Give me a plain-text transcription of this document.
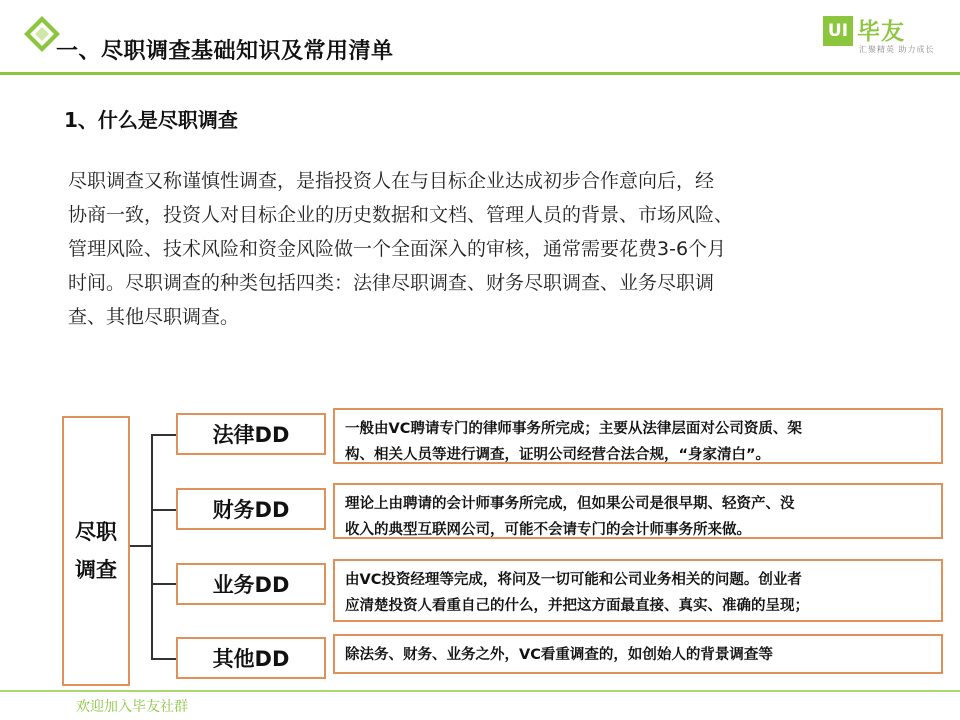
一、尽职调查基础知识及常用清单
UI 毕友
汇聚精英 助力成长
1、什么是尽职调查
尽职调查又称谨慎性调查，是指投资人在与目标企业达成初步合作意向后，经
协商一致，投资人对目标企业的历史数据和文档、管理人员的背景、市场风险、
管理风险、技术风险和资金风险做一个全面深入的审核，通常需要花费3-6个月
时间。尽职调查的种类包括四类：法律尽职调查、财务尽职调查、业务尽职调
查、其他尽职调查。
尽职调查
法律DD	一般由VC聘请专门的律师事务所完成；主要从法律层面对公司资质、架
构、相关人员等进行调查，证明公司经营合法合规，“身家清白”。
财务DD	理论上由聘请的会计师事务所完成，但如果公司是很早期、轻资产、没
收入的典型互联网公司，可能不会请专门的会计师事务所来做。
业务DD	由VC投资经理等完成，将问及一切可能和公司业务相关的问题。创业者
应清楚投资人看重自己的什么，并把这方面最直接、真实、准确的呈现；
其他DD	除法务、财务、业务之外，VC看重调查的，如创始人的背景调查等
欢迎加入毕友社群
